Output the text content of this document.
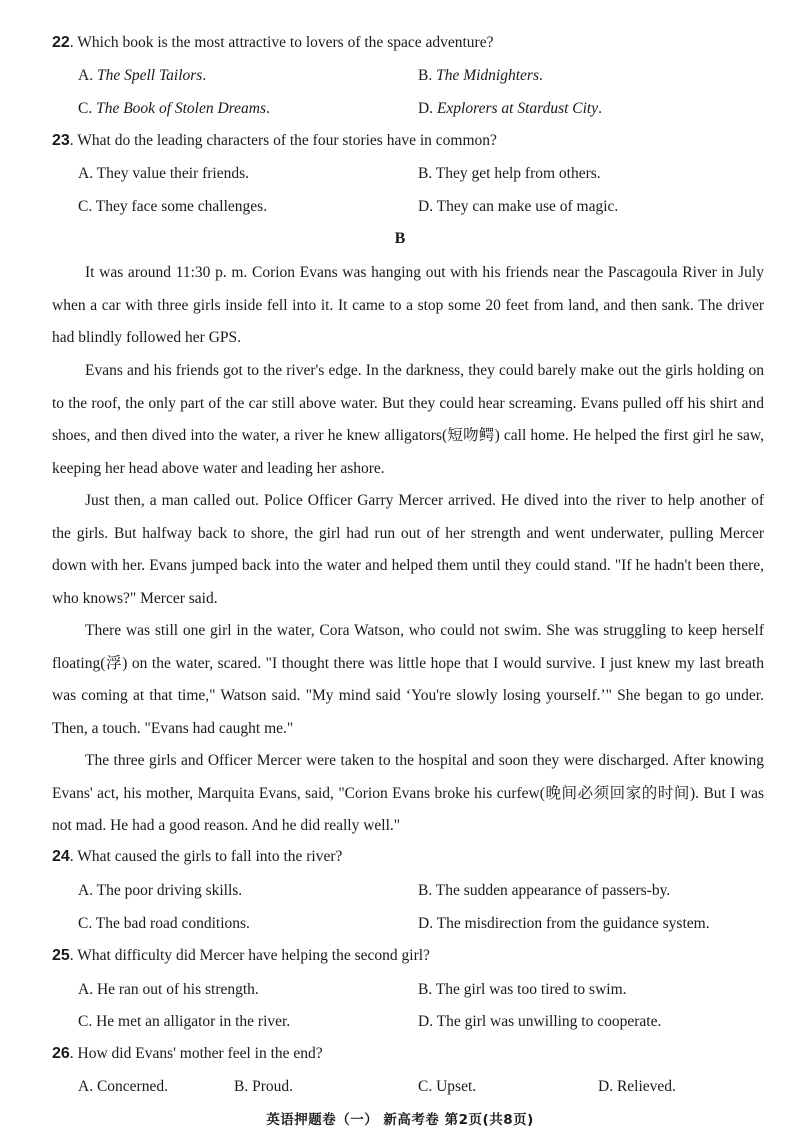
22. Which book is the most attractive to lovers of the space adventure?
A. The Spell Tailors.	B. The Midnighters.
C. The Book of Stolen Dreams.	D. Explorers at Stardust City.
23. What do the leading characters of the four stories have in common?
A. They value their friends.	B. They get help from others.
C. They face some challenges.	D. They can make use of magic.
B

It was around 11:30 p. m. Corion Evans was hanging out with his friends near the Pascagoula River in July when a car with three girls inside fell into it. It came to a stop some 20 feet from land, and then sank. The driver had blindly followed her GPS.

Evans and his friends got to the river's edge. In the darkness, they could barely make out the girls holding on to the roof, the only part of the car still above water. But they could hear screaming. Evans pulled off his shirt and shoes, and then dived into the water, a river he knew alligators(短吻鳄) call home. He helped the first girl he saw, keeping her head above water and leading her ashore.

Just then, a man called out. Police Officer Garry Mercer arrived. He dived into the river to help another of the girls. But halfway back to shore, the girl had run out of her strength and went underwater, pulling Mercer down with her. Evans jumped back into the water and helped them until they could stand. "If he hadn't been there, who knows?" Mercer said.

There was still one girl in the water, Cora Watson, who could not swim. She was struggling to keep herself floating(浮) on the water, scared. "I thought there was little hope that I would survive. I just knew my last breath was coming at that time," Watson said. "My mind said ‘You're slowly losing yourself.’" She began to go under. Then, a touch. "Evans had caught me."

The three girls and Officer Mercer were taken to the hospital and soon they were discharged. After knowing Evans' act, his mother, Marquita Evans, said, "Corion Evans broke his curfew(晚间必须回家的时间). But I was not mad. He had a good reason. And he did really well."

24. What caused the girls to fall into the river?
A. The poor driving skills.	B. The sudden appearance of passers-by.
C. The bad road conditions.	D. The misdirection from the guidance system.
25. What difficulty did Mercer have helping the second girl?
A. He ran out of his strength.	B. The girl was too tired to swim.
C. He met an alligator in the river.	D. The girl was unwilling to cooperate.
26. How did Evans' mother feel in the end?
A. Concerned.	B. Proud.	C. Upset.	D. Relieved.
英语押题卷（一） 新高考卷 第2页(共8页)
